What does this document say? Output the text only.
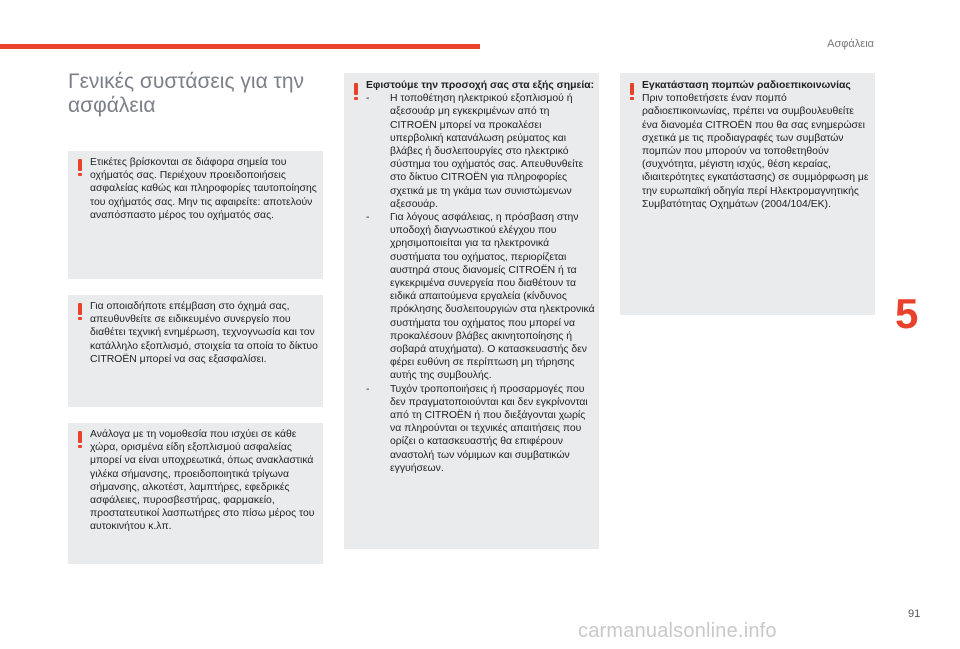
Ασφάλεια
5
Γενικές συστάσεις για την ασφάλεια
Ετικέτες βρίσκονται σε διάφορα σημεία του οχήματός σας. Περιέχουν προειδοποιήσεις ασφαλείας καθώς και πληροφορίες ταυτοποίησης του οχήματός σας. Μην τις αφαιρείτε: αποτελούν αναπόσπαστο μέρος του οχήματός σας.
Για οποιαδήποτε επέμβαση στο όχημά σας, απευθυνθείτε σε ειδικευμένο συνεργείο που διαθέτει τεχνική ενημέρωση, τεχνογνωσία και τον κατάλληλο εξοπλισμό, στοιχεία τα οποία το δίκτυο CITROËN μπορεί να σας εξασφαλίσει.
Ανάλογα με τη νομοθεσία που ισχύει σε κάθε χώρα, ορισμένα είδη εξοπλισμού ασφαλείας μπορεί να είναι υποχρεωτικά, όπως ανακλαστικά γιλέκα σήμανσης, προειδοποιητικά τρίγωνα σήμανσης, αλκοτέστ, λαμπτήρες, εφεδρικές ασφάλειες, πυροσβεστήρας, φαρμακείο, προστατευτικοί λασπωτήρες στο πίσω μέρος του αυτοκινήτου κ.λπ.
Εφιστούμε την προσοχή σας στα εξής σημεία:
- Η τοποθέτηση ηλεκτρικού εξοπλισμού ή αξεσουάρ μη εγκεκριμένων από τη CITROËN μπορεί να προκαλέσει υπερβολική κατανάλωση ρεύματος και βλάβες ή δυσλειτουργίες στο ηλεκτρικό σύστημα του οχήματός σας. Απευθυνθείτε στο δίκτυο CITROËN για πληροφορίες σχετικά με τη γκάμα των συνιστώμενων αξεσουάρ.
- Για λόγους ασφάλειας, η πρόσβαση στην υποδοχή διαγνωστικού ελέγχου που χρησιμοποιείται για τα ηλεκτρονικά συστήματα του οχήματος, περιορίζεται αυστηρά στους διανομείς CITROËN ή τα εγκεκριμένα συνεργεία που διαθέτουν τα ειδικά απαιτούμενα εργαλεία (κίνδυνος πρόκλησης δυσλειτουργιών στα ηλεκτρονικά συστήματα του οχήματος που μπορεί να προκαλέσουν βλάβες ακινητοποίησης ή σοβαρά ατυχήματα). Ο κατασκευαστής δεν φέρει ευθύνη σε περίπτωση μη τήρησης αυτής της συμβουλής.
- Τυχόν τροποποιήσεις ή προσαρμογές που δεν πραγματοποιούνται και δεν εγκρίνονται από τη CITROËN ή που διεξάγονται χωρίς να πληρούνται οι τεχνικές απαιτήσεις που ορίζει ο κατασκευαστής θα επιφέρουν αναστολή των νόμιμων και συμβατικών εγγυήσεων.
Εγκατάσταση πομπών ραδιοεπικοινωνίας
Πριν τοποθετήσετε έναν πομπό ραδιοεπικοινωνίας, πρέπει να συμβουλευθείτε ένα διανομέα CITROËN που θα σας ενημερώσει σχετικά με τις προδιαγραφές των συμβατών πομπών που μπορούν να τοποθετηθούν (συχνότητα, μέγιστη ισχύς, θέση κεραίας, ιδιαιτερότητες εγκατάστασης) σε συμμόρφωση με την ευρωπαϊκή οδηγία περί Ηλεκτρομαγνητικής Συμβατότητας Οχημάτων (2004/104/EK).
91
carmanualsonline.info
